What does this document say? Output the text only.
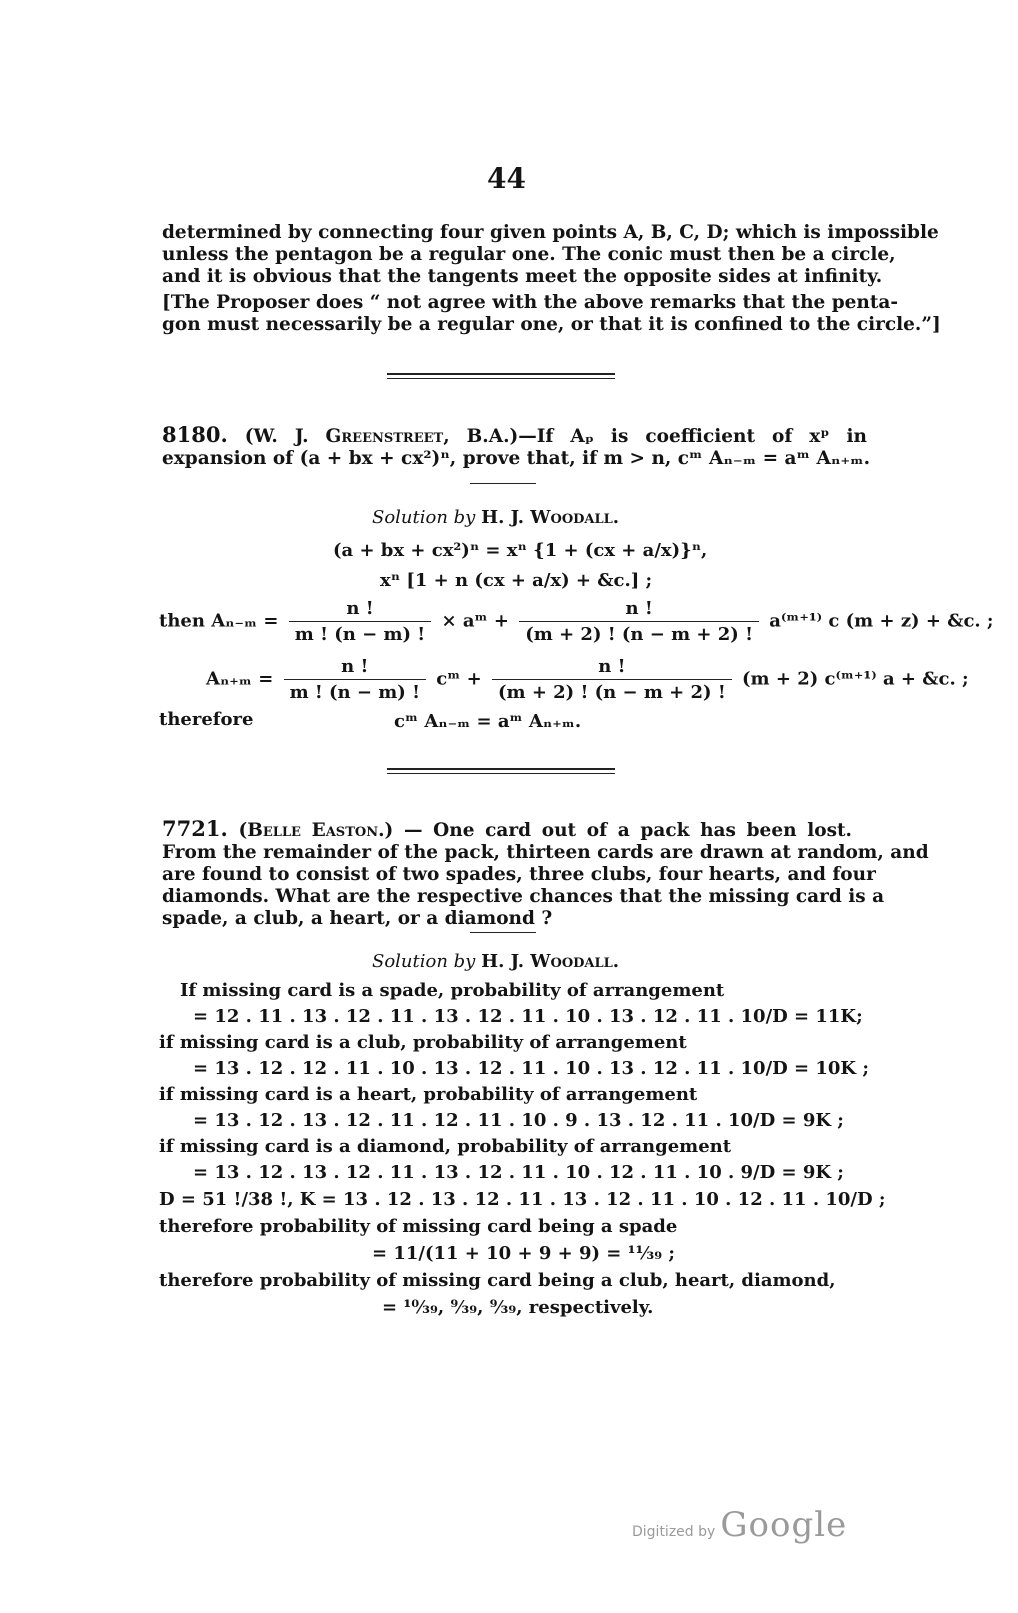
44
determined by connecting four given points A, B, C, D; which is impossible
unless the pentagon be a regular one. The conic must then be a circle,
and it is obvious that the tangents meet the opposite sides at infinity.
[The Proposer does “ not agree with the above remarks that the penta-
gon must necessarily be a regular one, or that it is confined to the circle.”]
8180. (W. J. Greenstreet, B.A.)—If Aₚ is coefficient of xᵖ in
expansion of (a + bx + cx²)ⁿ, prove that, if m > n, cᵐ Aₙ₋ₘ = aᵐ Aₙ₊ₘ.
Solution by H. J. Woodall.
(a + bx + cx²)ⁿ = xⁿ {1 + (cx + a/x)}ⁿ,
xⁿ [1 + n (cx + a/x) + &c.] ;
then $A_{n-m} = \frac{n !}{m ! (n - m) !}$ × aᵐ + $\frac{n !}{(m + 2) ! (n - m + 2) !}$ a⁽ᵐ⁺¹⁾ c (m + z) + &c. ;
$A_{n+m} = \frac{n !}{m ! (n - m) !}$ cᵐ + $\frac{n !}{(m + 2) ! (n - m + 2) !} (m + 2)$ c⁽ᵐ⁺¹⁾ a + &c. ;
therefore	cᵐ Aₙ₋ₘ = aᵐ Aₙ₊ₘ.
7721. (Belle Easton.) — One card out of a pack has been lost.
From the remainder of the pack, thirteen cards are drawn at random, and
are found to consist of two spades, three clubs, four hearts, and four
diamonds. What are the respective chances that the missing card is a
spade, a club, a heart, or a diamond ?
Solution by H. J. Woodall.
If missing card is a spade, probability of arrangement
= 12 . 11 . 13 . 12 . 11 . 13 . 12 . 11 . 10 . 13 . 12 . 11 . 10/D = 11K;
if missing card is a club, probability of arrangement
= 13 . 12 . 12 . 11 . 10 . 13 . 12 . 11 . 10 . 13 . 12 . 11 . 10/D = 10K ;
if missing card is a heart, probability of arrangement
= 13 . 12 . 13 . 12 . 11 . 12 . 11 . 10 . 9 . 13 . 12 . 11 . 10/D = 9K ;
if missing card is a diamond, probability of arrangement
= 13 . 12 . 13 . 12 . 11 . 13 . 12 . 11 . 10 . 12 . 11 . 10 . 9/D = 9K ;
D = 51 !/38 !, K = 13 . 12 . 13 . 12 . 11 . 13 . 12 . 11 . 10 . 12 . 11 . 10/D ;
therefore probability of missing card being a spade
= 11/(11 + 10 + 9 + 9) = ¹¹⁄₃₉ ;
therefore probability of missing card being a club, heart, diamond,
= ¹⁰⁄₃₉, ⁹⁄₃₉, ⁹⁄₃₉, respectively.
Digitized by Google
